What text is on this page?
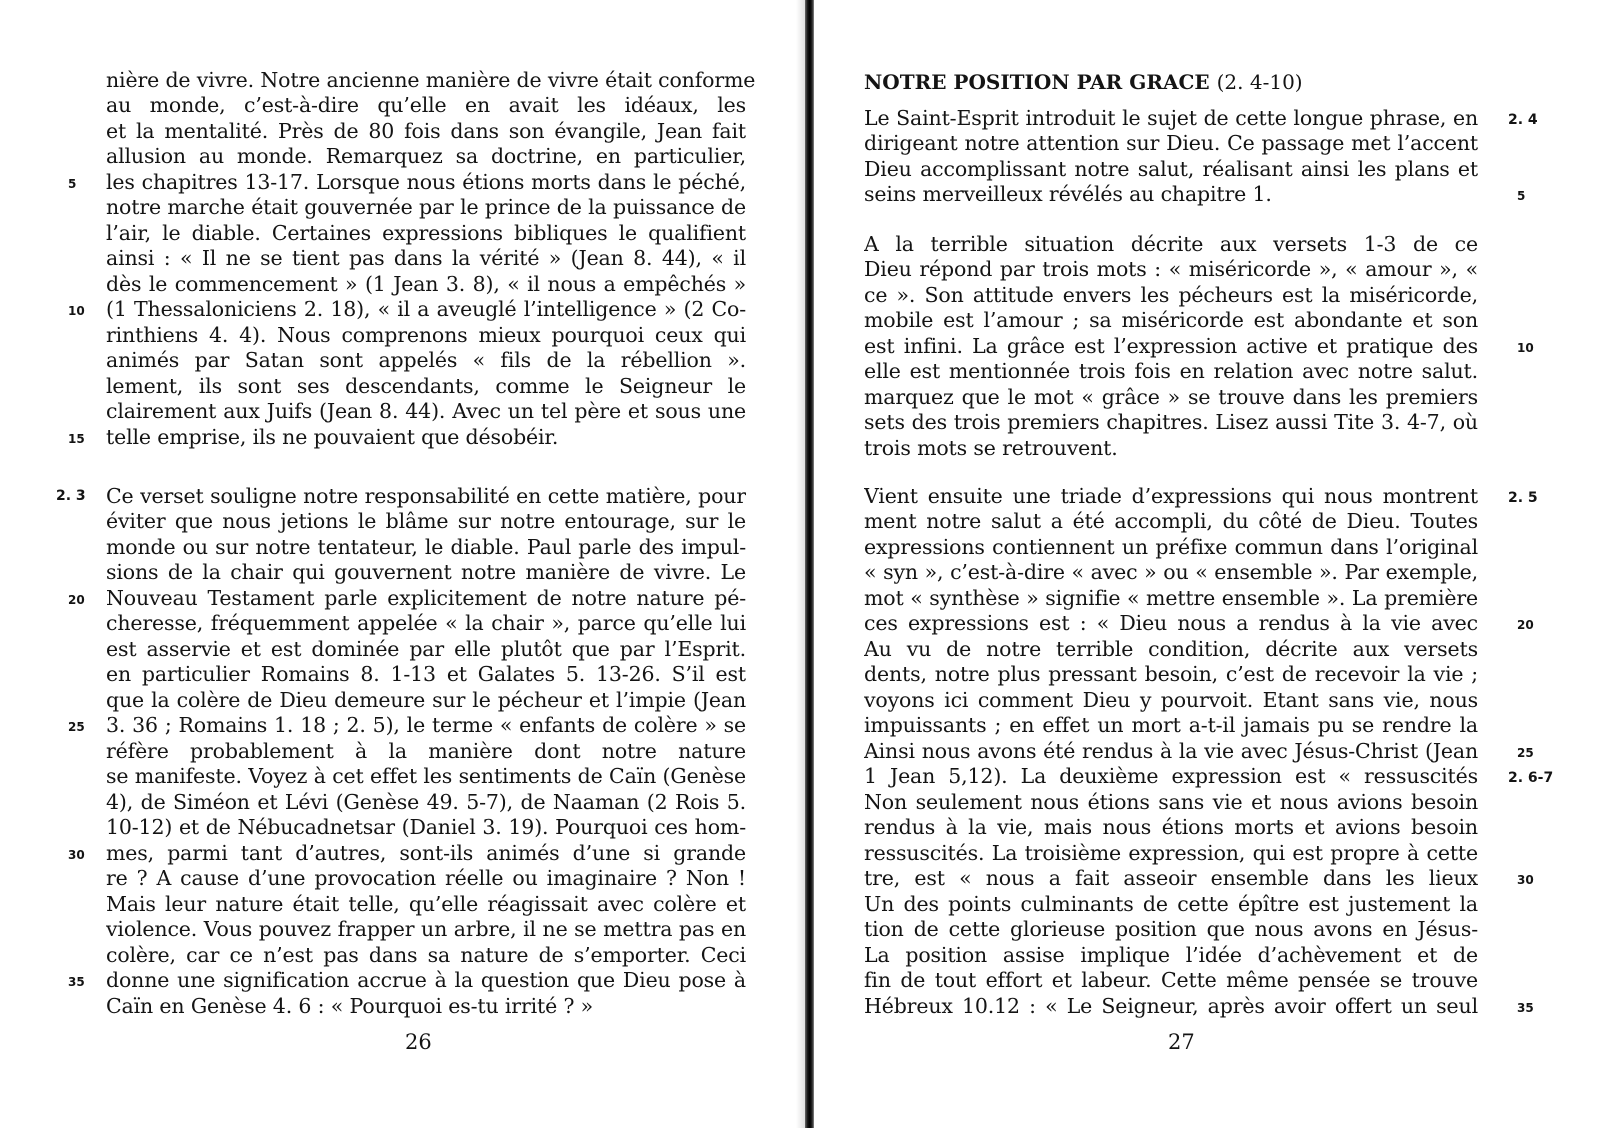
nière de vivre. Notre ancienne manière de vivre était conforme
au monde, c’est-à-dire qu’elle en avait les idéaux, les
et la mentalité. Près de 80 fois dans son évangile, Jean fait
allusion au monde. Remarquez sa doctrine, en particulier,
les chapitres 13-17. Lorsque nous étions morts dans le péché,
notre marche était gouvernée par le prince de la puissance de
l’air, le diable. Certaines expressions bibliques le qualifient
ainsi : « Il ne se tient pas dans la vérité » (Jean 8. 44), « il
dès le commencement » (1 Jean 3. 8), « il nous a empêchés »
(1 Thessaloniciens 2. 18), « il a aveuglé l’intelligence » (2 Co-
rinthiens 4. 4). Nous comprenons mieux pourquoi ceux qui
animés par Satan sont appelés « fils de la rébellion ».
lement, ils sont ses descendants, comme le Seigneur le
clairement aux Juifs (Jean 8. 44). Avec un tel père et sous une
telle emprise, ils ne pouvaient que désobéir.
Ce verset souligne notre responsabilité en cette matière, pour
éviter que nous jetions le blâme sur notre entourage, sur le
monde ou sur notre tentateur, le diable. Paul parle des impul-
sions de la chair qui gouvernent notre manière de vivre. Le
Nouveau Testament parle explicitement de notre nature pé-
cheresse, fréquemment appelée « la chair », parce qu’elle lui
est asservie et est dominée par elle plutôt que par l’Esprit.
en particulier Romains 8. 1-13 et Galates 5. 13-26. S’il est
que la colère de Dieu demeure sur le pécheur et l’impie (Jean
3. 36 ; Romains 1. 18 ; 2. 5), le terme « enfants de colère » se
réfère probablement à la manière dont notre nature
se manifeste. Voyez à cet effet les sentiments de Caïn (Genèse
4), de Siméon et Lévi (Genèse 49. 5-7), de Naaman (2 Rois 5.
10-12) et de Nébucadnetsar (Daniel 3. 19). Pourquoi ces hom-
mes, parmi tant d’autres, sont-ils animés d’une si grande
re ? A cause d’une provocation réelle ou imaginaire ? Non !
Mais leur nature était telle, qu’elle réagissait avec colère et
violence. Vous pouvez frapper un arbre, il ne se mettra pas en
colère, car ce n’est pas dans sa nature de s’emporter. Ceci
donne une signification accrue à la question que Dieu pose à
Caïn en Genèse 4. 6 : « Pourquoi es-tu irrité ? »
5
10
15
20
25
30
35
2. 3
26
NOTRE POSITION PAR GRACE (2. 4-10)
Le Saint-Esprit introduit le sujet de cette longue phrase, en
dirigeant notre attention sur Dieu. Ce passage met l’accent
Dieu accomplissant notre salut, réalisant ainsi les plans et
seins merveilleux révélés au chapitre 1.
A la terrible situation décrite aux versets 1-3 de ce
Dieu répond par trois mots : « miséricorde », « amour », «
ce ». Son attitude envers les pécheurs est la miséricorde,
mobile est l’amour ; sa miséricorde est abondante et son
est infini. La grâce est l’expression active et pratique des
elle est mentionnée trois fois en relation avec notre salut.
marquez que le mot « grâce » se trouve dans les premiers
sets des trois premiers chapitres. Lisez aussi Tite 3. 4-7, où
trois mots se retrouvent.
Vient ensuite une triade d’expressions qui nous montrent
ment notre salut a été accompli, du côté de Dieu. Toutes
expressions contiennent un préfixe commun dans l’original
« syn », c’est-à-dire « avec » ou « ensemble ». Par exemple,
mot « synthèse » signifie « mettre ensemble ». La première
ces expressions est : « Dieu nous a rendus à la vie avec
Au vu de notre terrible condition, décrite aux versets
dents, notre plus pressant besoin, c’est de recevoir la vie ;
voyons ici comment Dieu y pourvoit. Etant sans vie, nous
impuissants ; en effet un mort a-t-il jamais pu se rendre la
Ainsi nous avons été rendus à la vie avec Jésus-Christ (Jean
1 Jean 5,12). La deuxième expression est « ressuscités
Non seulement nous étions sans vie et nous avions besoin
rendus à la vie, mais nous étions morts et avions besoin
ressuscités. La troisième expression, qui est propre à cette
tre, est « nous a fait asseoir ensemble dans les lieux
Un des points culminants de cette épître est justement la
tion de cette glorieuse position que nous avons en Jésus-
La position assise implique l’idée d’achèvement et de
fin de tout effort et labeur. Cette même pensée se trouve
Hébreux 10.12 : « Le Seigneur, après avoir offert un seul
2. 4
2. 5
2. 6-7
5
10
20
25
30
35
27
